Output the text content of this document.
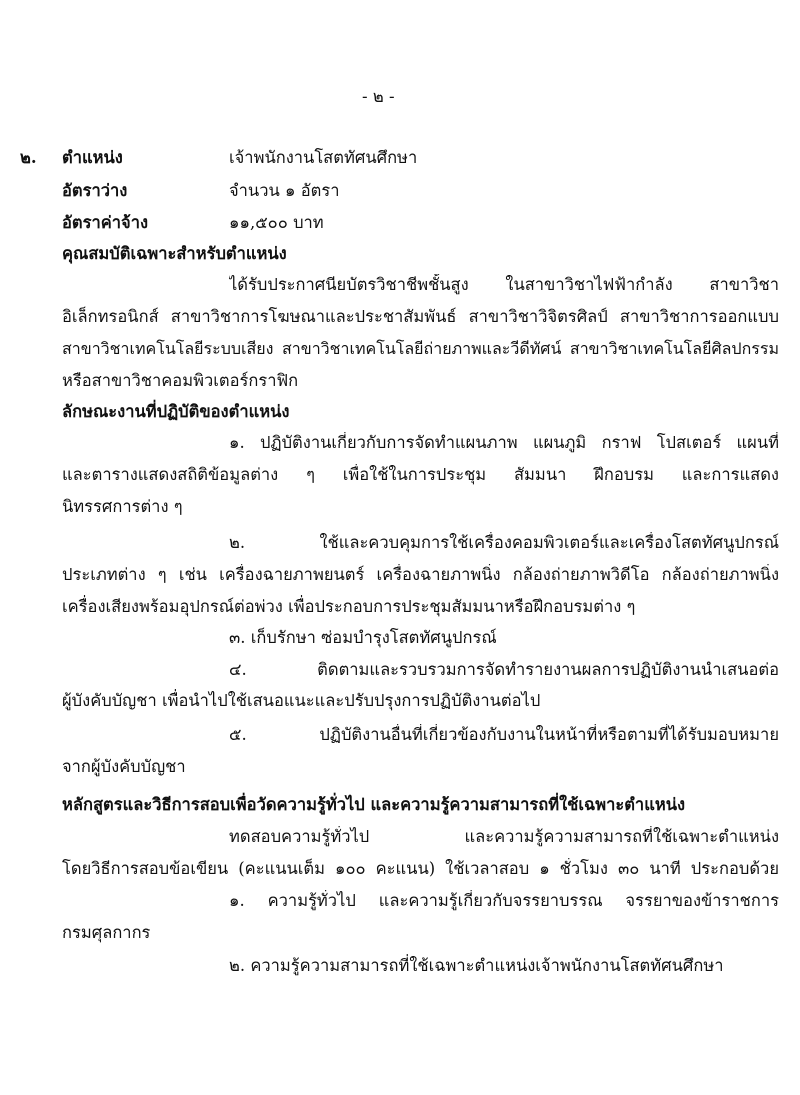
- ๒ -
๒. ตำแหน่ง	เจ้าพนักงานโสตทัศนศึกษา
อัตราว่าง	จำนวน ๑ อัตรา
อัตราค่าจ้าง	๑๑,๕๐๐ บาท
คุณสมบัติเฉพาะสำหรับตำแหน่ง
ได้รับประกาศนียบัตรวิชาชีพชั้นสูง ในสาขาวิชาไฟฟ้ากำลัง สาขาวิชา
อิเล็กทรอนิกส์ สาขาวิชาการโฆษณาและประชาสัมพันธ์ สาขาวิชาวิจิตรศิลป์ สาขาวิชาการออกแบบ
สาขาวิชาเทคโนโลยีระบบเสียง สาขาวิชาเทคโนโลยีถ่ายภาพและวีดีทัศน์ สาขาวิชาเทคโนโลยีศิลปกรรม
หรือสาขาวิชาคอมพิวเตอร์กราฟิก
ลักษณะงานที่ปฏิบัติของตำแหน่ง
๑. ปฏิบัติงานเกี่ยวกับการจัดทำแผนภาพ แผนภูมิ กราฟ โปสเตอร์ แผนที่
และตารางแสดงสถิติข้อมูลต่าง ๆ เพื่อใช้ในการประชุม สัมมนา ฝึกอบรม และการแสดง
นิทรรศการต่าง ๆ
๒. ใช้และควบคุมการใช้เครื่องคอมพิวเตอร์และเครื่องโสตทัศนูปกรณ์
ประเภทต่าง ๆ เช่น เครื่องฉายภาพยนตร์ เครื่องฉายภาพนิ่ง กล้องถ่ายภาพวิดีโอ กล้องถ่ายภาพนิ่ง
เครื่องเสียงพร้อมอุปกรณ์ต่อพ่วง เพื่อประกอบการประชุมสัมมนาหรือฝึกอบรมต่าง ๆ
๓. เก็บรักษา ซ่อมบำรุงโสตทัศนูปกรณ์
๔. ติดตามและรวบรวมการจัดทำรายงานผลการปฏิบัติงานนำเสนอต่อ
ผู้บังคับบัญชา เพื่อนำไปใช้เสนอแนะและปรับปรุงการปฏิบัติงานต่อไป
๕. ปฏิบัติงานอื่นที่เกี่ยวข้องกับงานในหน้าที่หรือตามที่ได้รับมอบหมาย
จากผู้บังคับบัญชา
หลักสูตรและวิธีการสอบเพื่อวัดความรู้ทั่วไป และความรู้ความสามารถที่ใช้เฉพาะตำแหน่ง
ทดสอบความรู้ทั่วไป และความรู้ความสามารถที่ใช้เฉพาะตำแหน่ง
โดยวิธีการสอบข้อเขียน (คะแนนเต็ม ๑๐๐ คะแนน) ใช้เวลาสอบ ๑ ชั่วโมง ๓๐ นาที ประกอบด้วย
๑. ความรู้ทั่วไป และความรู้เกี่ยวกับจรรยาบรรณ จรรยาของข้าราชการ
กรมศุลกากร
๒. ความรู้ความสามารถที่ใช้เฉพาะตำแหน่งเจ้าพนักงานโสตทัศนศึกษา
